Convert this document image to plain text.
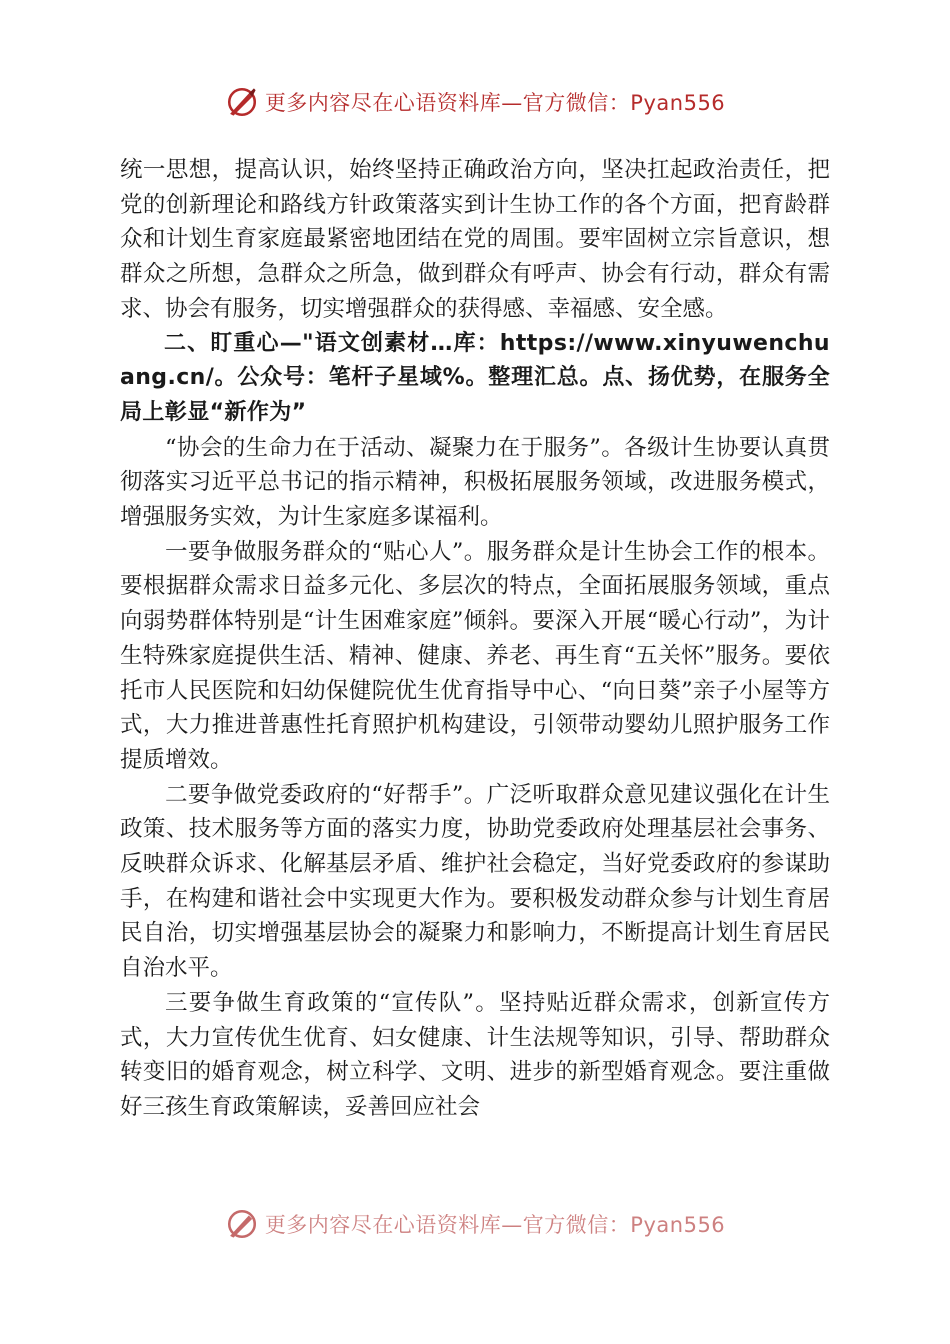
更多内容尽在心语资料库—官方微信：Pyan556

统一思想，提高认识，始终坚持正确政治方向，坚决扛起政治责任，把党的创新理论和路线方针政策落实到计生协工作的各个方面，把育龄群众和计划生育家庭最紧密地团结在党的周围。要牢固树立宗旨意识，想群众之所想，急群众之所急，做到群众有呼声、协会有行动，群众有需求、协会有服务，切实增强群众的获得感、幸福感、安全感。

二、盯重心—"语文创素材…库：https://www.xinyuwenchuang.cn/。公众号：笔杆子星域%。整理汇总。点、扬优势，在服务全局上彰显“新作为”

“协会的生命力在于活动、凝聚力在于服务”。各级计生协要认真贯彻落实习近平总书记的指示精神，积极拓展服务领域，改进服务模式，增强服务实效，为计生家庭多谋福利。

一要争做服务群众的“贴心人”。服务群众是计生协会工作的根本。要根据群众需求日益多元化、多层次的特点，全面拓展服务领域，重点向弱势群体特别是“计生困难家庭”倾斜。要深入开展“暖心行动”，为计生特殊家庭提供生活、精神、健康、养老、再生育“五关怀”服务。要依托市人民医院和妇幼保健院优生优育指导中心、“向日葵”亲子小屋等方式，大力推进普惠性托育照护机构建设，引领带动婴幼儿照护服务工作提质增效。

二要争做党委政府的“好帮手”。广泛听取群众意见建议强化在计生政策、技术服务等方面的落实力度，协助党委政府处理基层社会事务、反映群众诉求、化解基层矛盾、维护社会稳定，当好党委政府的参谋助手，在构建和谐社会中实现更大作为。要积极发动群众参与计划生育居民自治，切实增强基层协会的凝聚力和影响力，不断提高计划生育居民自治水平。

三要争做生育政策的“宣传队”。坚持贴近群众需求，创新宣传方式，大力宣传优生优育、妇女健康、计生法规等知识，引导、帮助群众转变旧的婚育观念，树立科学、文明、进步的新型婚育观念。要注重做好三孩生育政策解读，妥善回应社会

更多内容尽在心语资料库—官方微信：Pyan556
